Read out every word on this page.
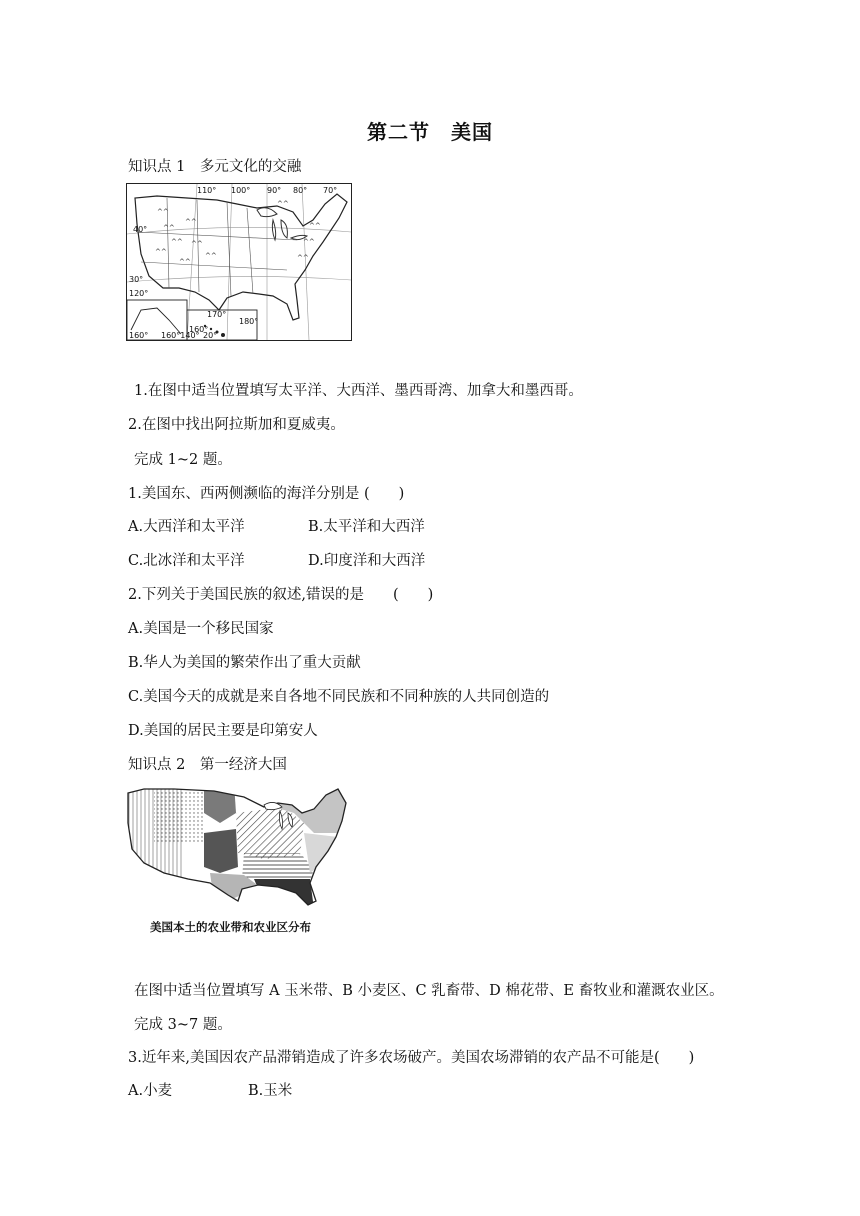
第二节　美国
知识点 1　多元文化的交融
^^
^^
^^
^^
^^
^^
^^
^^
^^
^^
^^
^^
110° 100° 90° 80° 70°
40°
30°
120°
170°
180°
160°
20°
160°140°
160°
1.在图中适当位置填写太平洋、大西洋、墨西哥湾、加拿大和墨西哥。
2.在图中找出阿拉斯加和夏威夷。
完成 1~2 题。
1.美国东、西两侧濒临的海洋分别是 (　　)
A.大西洋和太平洋	B.太平洋和大西洋
C.北冰洋和太平洋	D.印度洋和大西洋
2.下列关于美国民族的叙述,错误的是　　(　　)
A.美国是一个移民国家
B.华人为美国的繁荣作出了重大贡献
C.美国今天的成就是来自各地不同民族和不同种族的人共同创造的
D.美国的居民主要是印第安人
知识点 2　第一经济大国
美国本土的农业带和农业区分布
在图中适当位置填写 A 玉米带、B 小麦区、C 乳畜带、D 棉花带、E 畜牧业和灌溉农业区。
完成 3~7 题。
3.近年来,美国因农产品滞销造成了许多农场破产。美国农场滞销的农产品不可能是(　　)
A.小麦	B.玉米
